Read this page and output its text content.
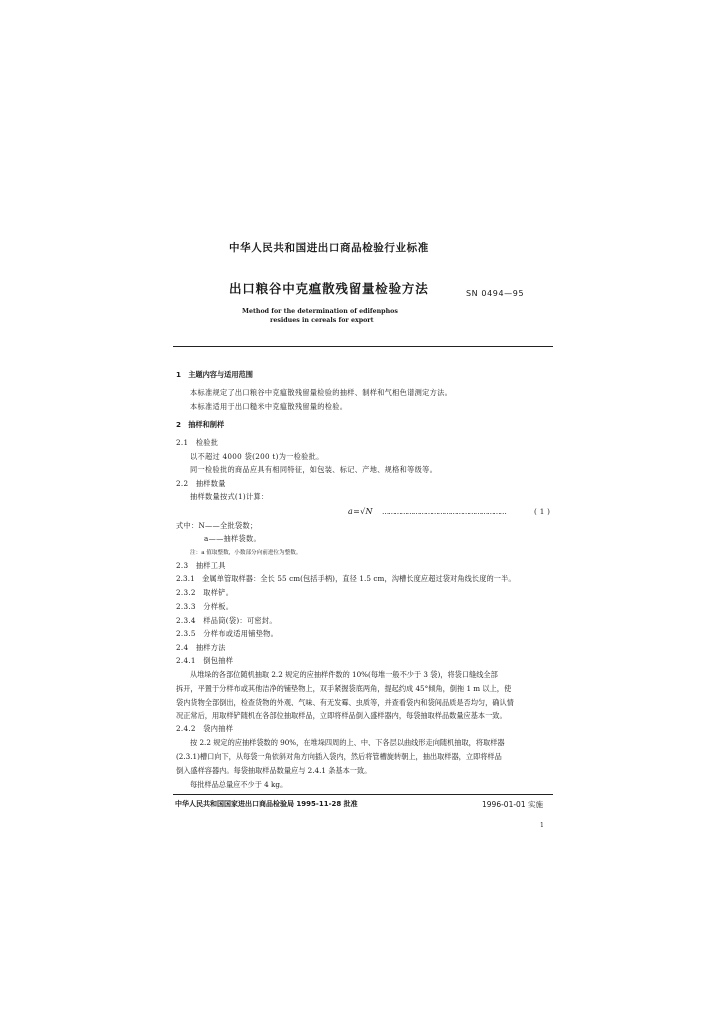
中华人民共和国进出口商品检验行业标准
出口粮谷中克瘟散残留量检验方法	SN 0494—95
Method for the determination of edifenphos
residues in cereals for export
1　主题内容与适用范围
本标准规定了出口粮谷中克瘟散残留量检验的抽样、制样和气相色谱测定方法。
本标准适用于出口糙米中克瘟散残留量的检验。
2　抽样和制样
2.1　检验批
以不超过 4000 袋(200 t)为一检验批。
同一检验批的商品应具有相同特征，如包装、标记、产地、规格和等级等。
2.2　抽样数量
抽样数量按式(1)计算：
a=√N ……………………………………………………	( 1 )
式中：N——全批袋数；
a——抽样袋数。
注：a 值取整数，小数部分向前进位为整数。
2.3　抽样工具
2.3.1　金属单管取样器：全长 55 cm(包括手柄)，直径 1.5 cm，沟槽长度应超过袋对角线长度的一半。
2.3.2　取样铲。
2.3.3　分样板。
2.3.4　样品筒(袋)：可密封。
2.3.5　分样布或适用铺垫物。
2.4　抽样方法
2.4.1　倒包抽样
从堆垛的各部位随机抽取 2.2 规定的应抽样件数的 10%(每堆一般不少于 3 袋)，将袋口缝线全部
拆开，平置于分样布或其他洁净的铺垫物上，双手紧握袋底两角，提起约成 45°倾角，倒拖 1 m 以上，使
袋内货物全部倒出，检查货物的外观、气味、有无发霉、虫质等，并查看袋内和袋间品质是否均匀，确认情
况正常后，用取样铲随机在各部位抽取样品，立即将样品倒入盛样器内，每袋抽取样品数量应基本一致。
2.4.2　袋内抽样
按 2.2 规定的应抽样袋数的 90%，在堆垛四周的上、中、下各层以曲线形走向随机抽取，将取样器
(2.3.1)槽口向下，从每袋一角依斜对角方向插入袋内，然后将管槽旋转朝上，抽出取样器，立即将样品
倒入盛样容器内。每袋抽取样品数量应与 2.4.1 条基本一致。
每批样品总量应不少于 4 kg。
中华人民共和国国家进出口商品检验局 1995-11-28 批准	1996-01-01 实施
1
